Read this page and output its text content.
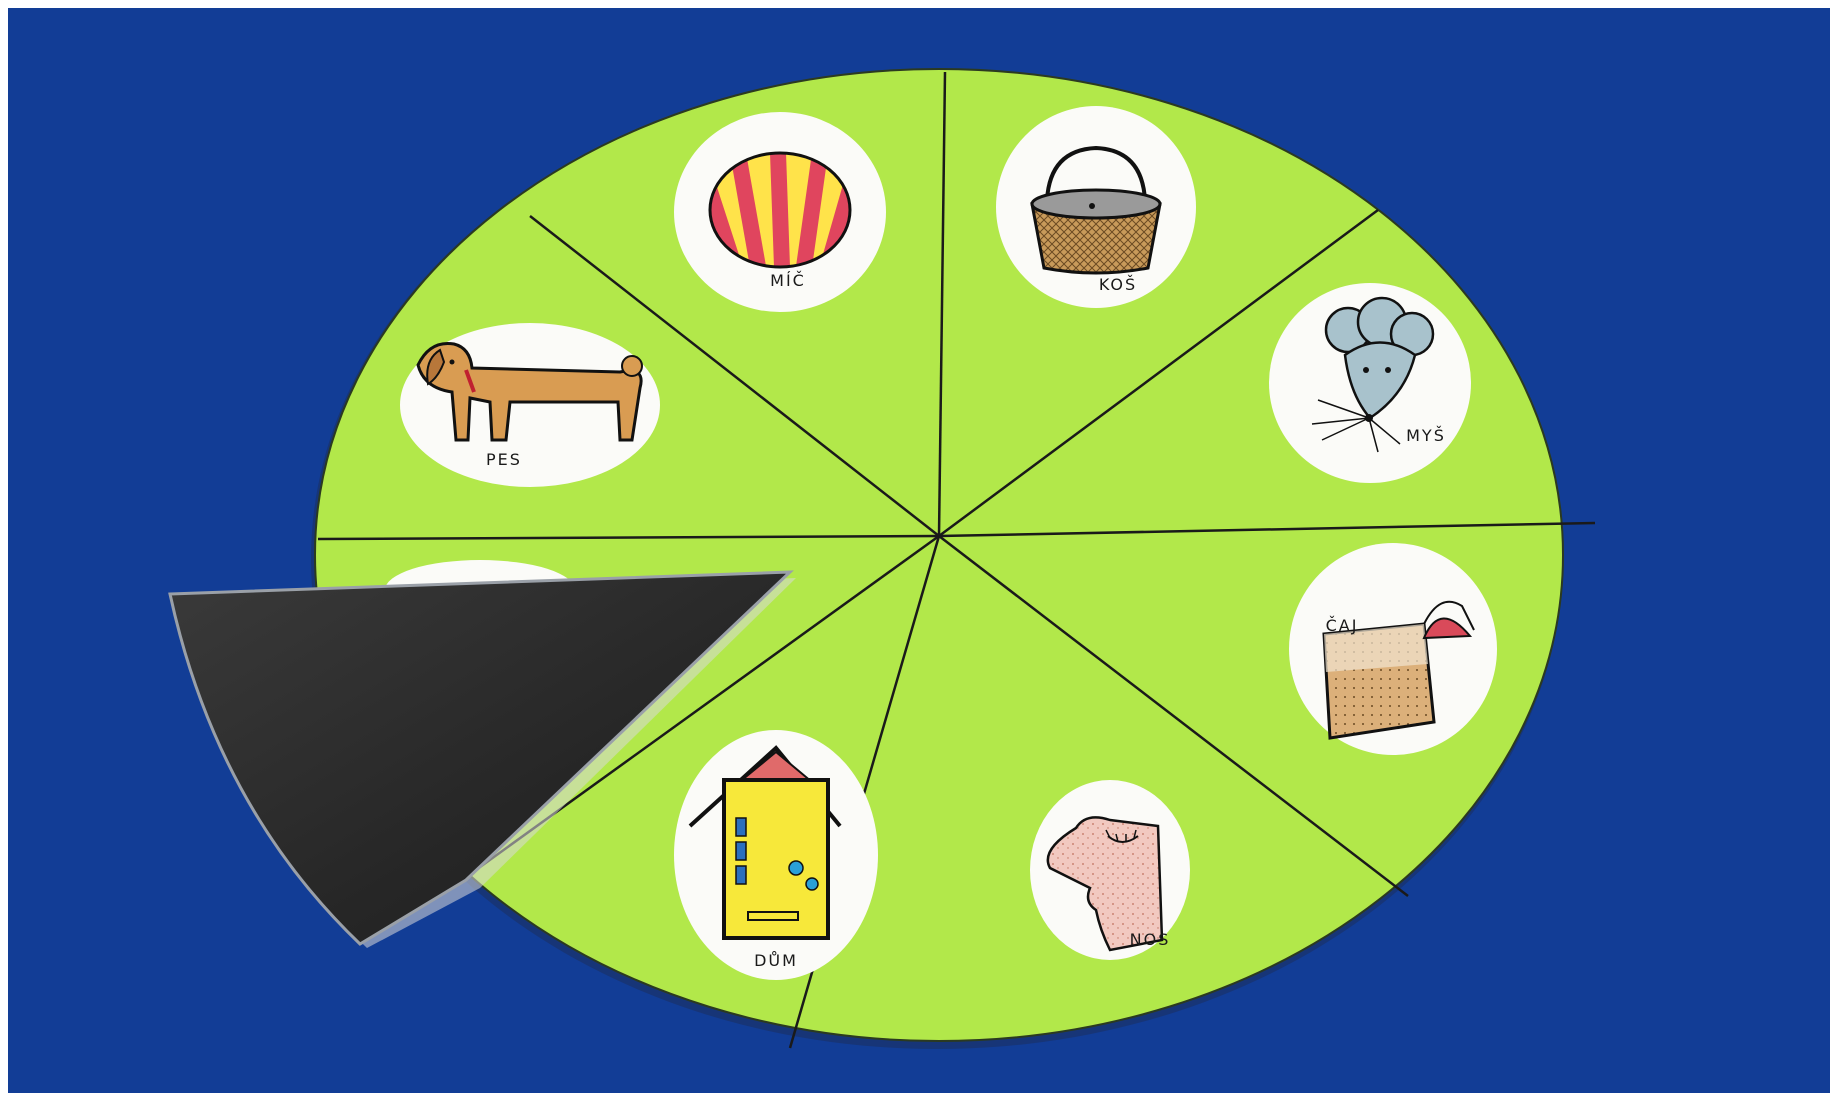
MÍČ	KOŠ
MYŠ
ČAJ
NOS
DŮM
PES
